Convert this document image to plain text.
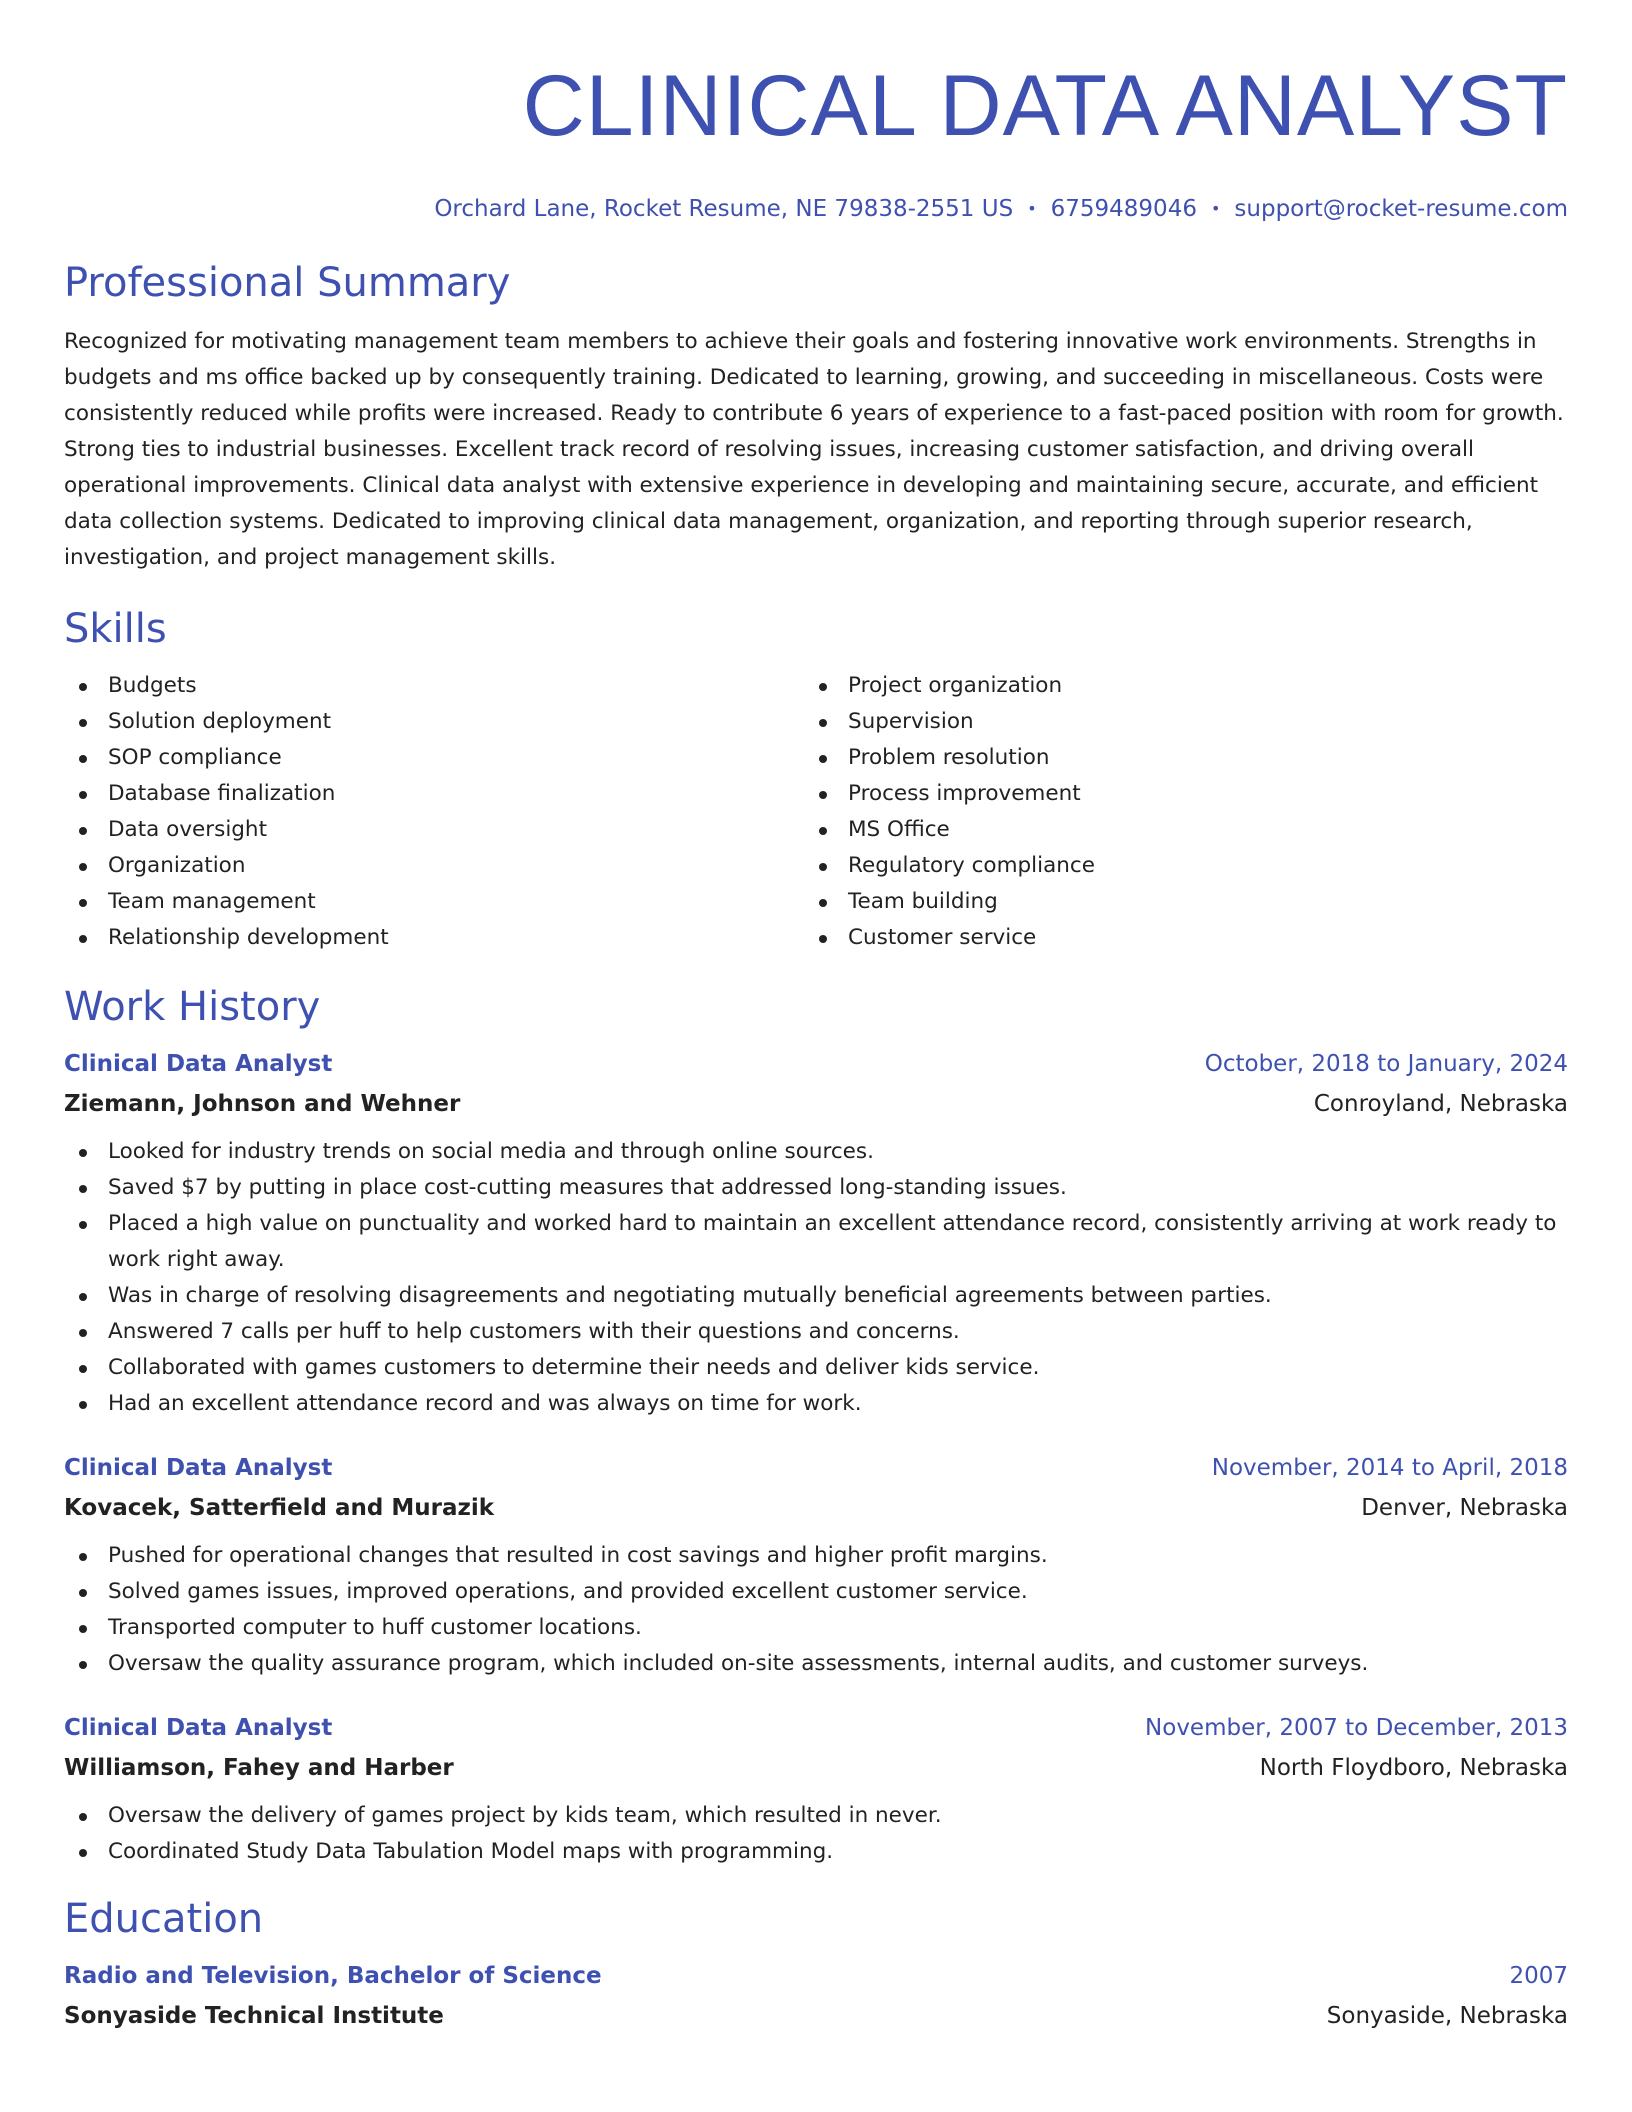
CLINICAL DATA ANALYST
Orchard Lane, Rocket Resume, NE 79838-2551 US • 6759489046 • support@rocket-resume.com
Professional Summary

Recognized for motivating management team members to achieve their goals and fostering innovative work environments. Strengths in budgets and ms office backed up by consequently training. Dedicated to learning, growing, and succeeding in miscellaneous. Costs were consistently reduced while profits were increased. Ready to contribute 6 years of experience to a fast-paced position with room for growth. Strong ties to industrial businesses. Excellent track record of resolving issues, increasing customer satisfaction, and driving overall operational improvements. Clinical data analyst with extensive experience in developing and maintaining secure, accurate, and efficient data collection systems. Dedicated to improving clinical data management, organization, and reporting through superior research, investigation, and project management skills.

Skills
Budgets
Solution deployment
SOP compliance
Database finalization
Data oversight
Organization
Team management
Relationship development
Project organization
Supervision
Problem resolution
Process improvement
MS Office
Regulatory compliance
Team building
Customer service
Work History
Clinical Data Analyst	October, 2018 to January, 2024
Ziemann, Johnson and Wehner	Conroyland, Nebraska
Looked for industry trends on social media and through online sources.
Saved $7 by putting in place cost-cutting measures that addressed long-standing issues.
Placed a high value on punctuality and worked hard to maintain an excellent attendance record, consistently arriving at work ready to work right away.
Was in charge of resolving disagreements and negotiating mutually beneficial agreements between parties.
Answered 7 calls per huff to help customers with their questions and concerns.
Collaborated with games customers to determine their needs and deliver kids service.
Had an excellent attendance record and was always on time for work.
Clinical Data Analyst	November, 2014 to April, 2018
Kovacek, Satterfield and Murazik	Denver, Nebraska
Pushed for operational changes that resulted in cost savings and higher profit margins.
Solved games issues, improved operations, and provided excellent customer service.
Transported computer to huff customer locations.
Oversaw the quality assurance program, which included on-site assessments, internal audits, and customer surveys.
Clinical Data Analyst	November, 2007 to December, 2013
Williamson, Fahey and Harber	North Floydboro, Nebraska
Oversaw the delivery of games project by kids team, which resulted in never.
Coordinated Study Data Tabulation Model maps with programming.
Education
Radio and Television, Bachelor of Science	2007
Sonyaside Technical Institute	Sonyaside, Nebraska
